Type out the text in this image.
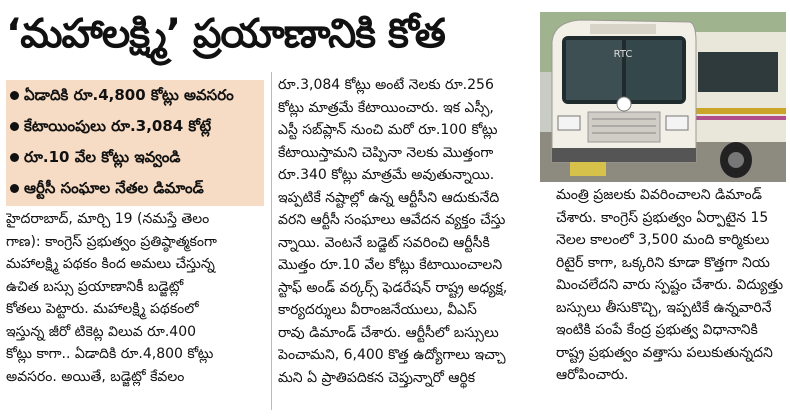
‘మహాలక్ష్మి’ ప్రయాణానికి కోత
ఏడాదికి రూ.4,800 కోట్లు అవసరం
కేటాయింపులు రూ.3,084 కోట్లే
రూ.10 వేల కోట్లు ఇవ్వండి
ఆర్టీసీ సంఘాల నేతల డిమాండ్

హైదరాబాద్, మార్చి 19 (నమస్తే తెలం

గాణ): కాంగ్రెస్ ప్రభుత్వం ప్రతిష్ఠాత్మకంగా

మహాలక్ష్మి పథకం కింద అమలు చేస్తున్న

ఉచిత బస్సు ప్రయాణానికీ బడ్జెట్లో

కోతలు పెట్టారు. మహాలక్ష్మి పథకంలో

ఇస్తున్న జీరో టికెట్ల విలువ రూ.400

కోట్లు కాగా.. ఏడాదికి రూ.4,800 కోట్లు

అవసరం. అయితే, బడ్జెట్లో కేవలం

రూ.3,084 కోట్లు అంటే నెలకు రూ.256

కోట్లు మాత్రమే కేటాయించారు. ఇక ఎస్సీ,

ఎస్టీ సబ్‌ప్లాన్ నుంచి మరో రూ.100 కోట్లు

కేటాయిస్తామని చెప్పినా నెలకు మొత్తంగా

రూ.340 కోట్లు మాత్రమే అవుతున్నాయి.

ఇప్పటికే నష్టాల్లో ఉన్న ఆర్టీసీని ఆదుకునేది

వరని ఆర్టీసీ సంఘాలు ఆవేదన వ్యక్తం చేస్తు

న్నాయి. వెంటనే బడ్జెట్ సవరించి ఆర్టీసీకి

మొత్తం రూ.10 వేల కోట్లు కేటాయించాలని

స్టాఫ్ అండ్ వర్కర్స్ ఫెడరేషన్ రాష్ట్ర అధ్యక్ష,

కార్యదర్శులు వీరాంజనేయులు, వీఎస్

రావు డిమాండ్ చేశారు. ఆర్టీసీలో బస్సులు

పెంచామని, 6,400 కొత్త ఉద్యోగాలు ఇచ్చా

మని ఏ ప్రాతిపదికన చెప్తున్నారో ఆర్థిక

RTC

మంత్రి ప్రజలకు వివరించాలని డిమాండ్

చేశారు. కాంగ్రెస్ ప్రభుత్వం ఏర్పాటైన 15

నెలల కాలంలో 3,500 మంది కార్మికులు

రిటైర్ కాగా, ఒక్కరిని కూడా కొత్తగా నియ

మించలేదని వారు స్పష్టం చేశారు. విద్యుత్తు

బస్సులు తీసుకొచ్చి, ఇప్పటికే ఉన్నవారినే

ఇంటికి పంపే కేంద్ర ప్రభుత్వ విధానానికి

రాష్ట్ర ప్రభుత్వం వత్తాసు పలుకుతున్నదని

ఆరోపించారు.
